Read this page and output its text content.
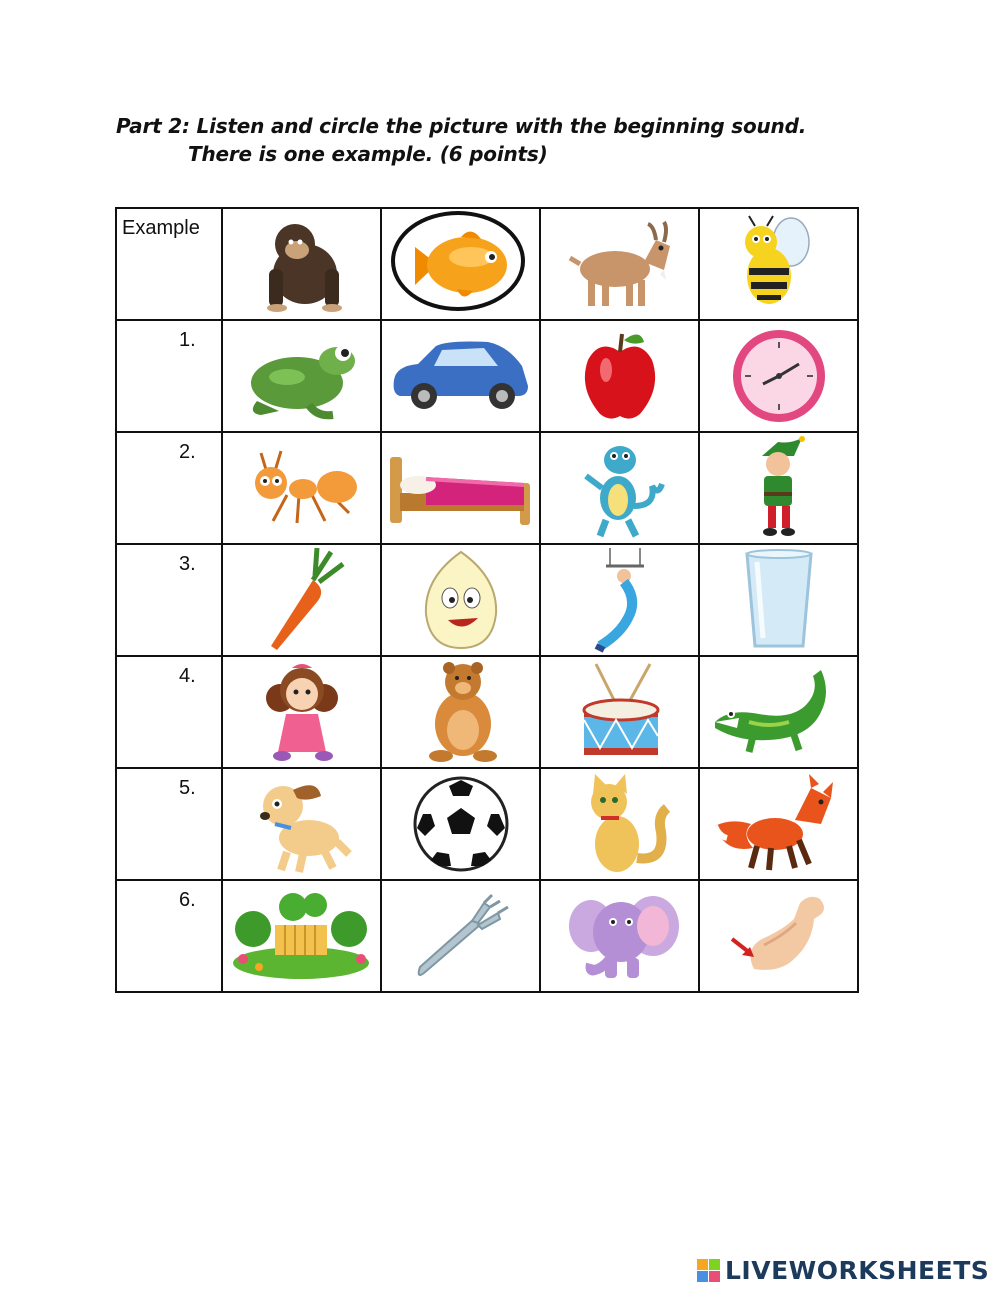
Part 2: Listen and circle the picture with the beginning sound.
There is one example. (6 points)
Example

1.

2.

3.

4.

5.

6.

LIVEWORKSHEETS
